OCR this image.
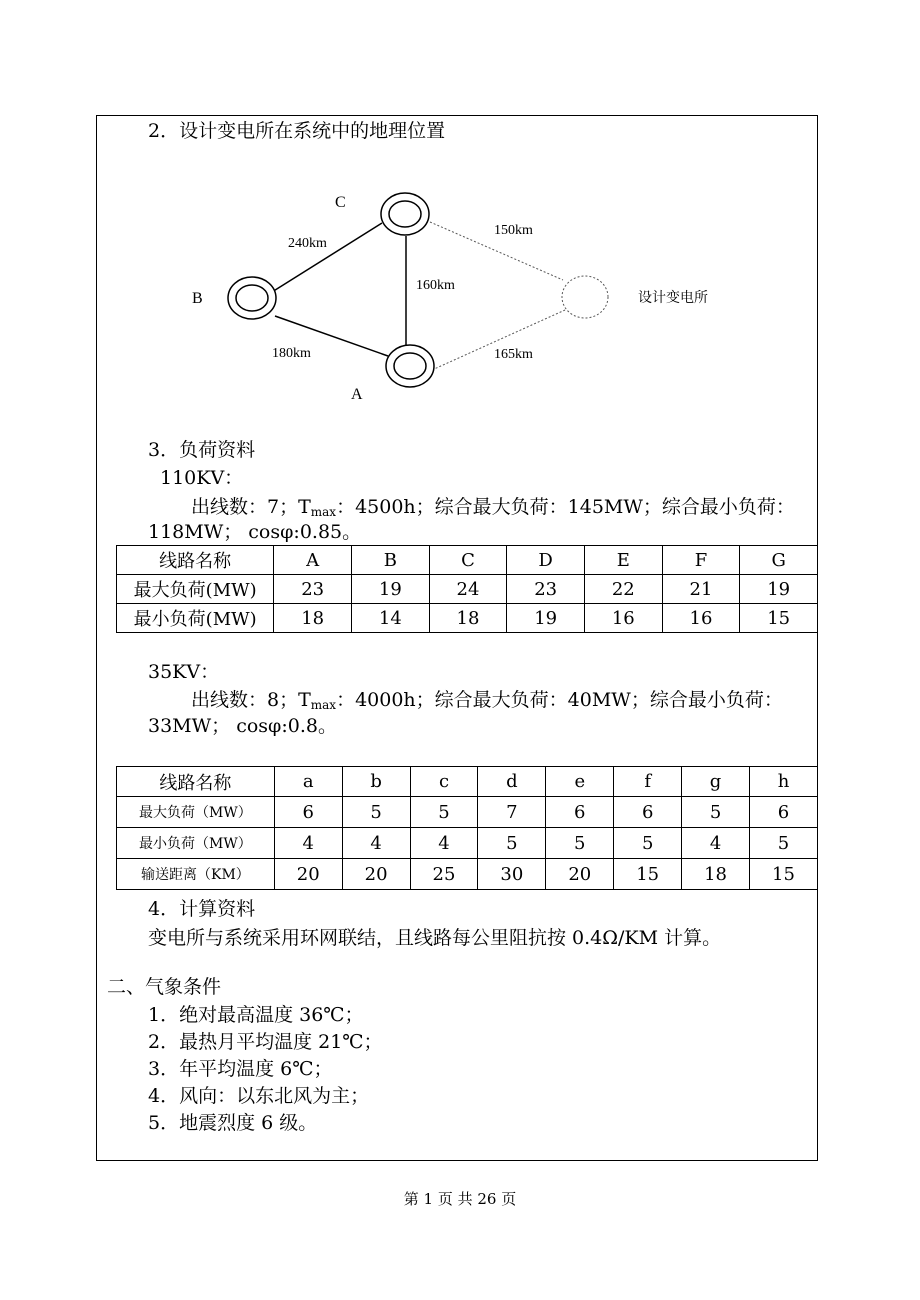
2．设计变电所在系统中的地理位置
C
B
A
设计变电所
240km
180km
160km
150km
165km
3．负荷资料
110KV：
出线数：7；$T_{max}$：4500h；综合最大负荷：145MW；综合最小负荷：
118MW； cosφ:0.85。
线路名称	A	B	C	D	E	F	G
最大负荷(MW)	23	19	24	23	22	21	19
最小负荷(MW)	18	14	18	19	16	16	15
35KV：
出线数：8；$T_{max}$：4000h；综合最大负荷：40MW；综合最小负荷：
33MW； cosφ:0.8。
线路名称	a	b	c	d	e	f	g	h
最大负荷（MW）	6	5	5	7	6	6	5	6
最小负荷（MW）	4	4	4	5	5	5	4	5
输送距离（KM）	20	20	25	30	20	15	18	15
4．计算资料
变电所与系统采用环网联结，且线路每公里阻抗按 0.4Ω/KM 计算。
二、气象条件
1．绝对最高温度 36℃；
2．最热月平均温度 21℃；
3．年平均温度 6℃；
4．风向：以东北风为主；
5．地震烈度 6 级。
第 1 页 共 26 页
